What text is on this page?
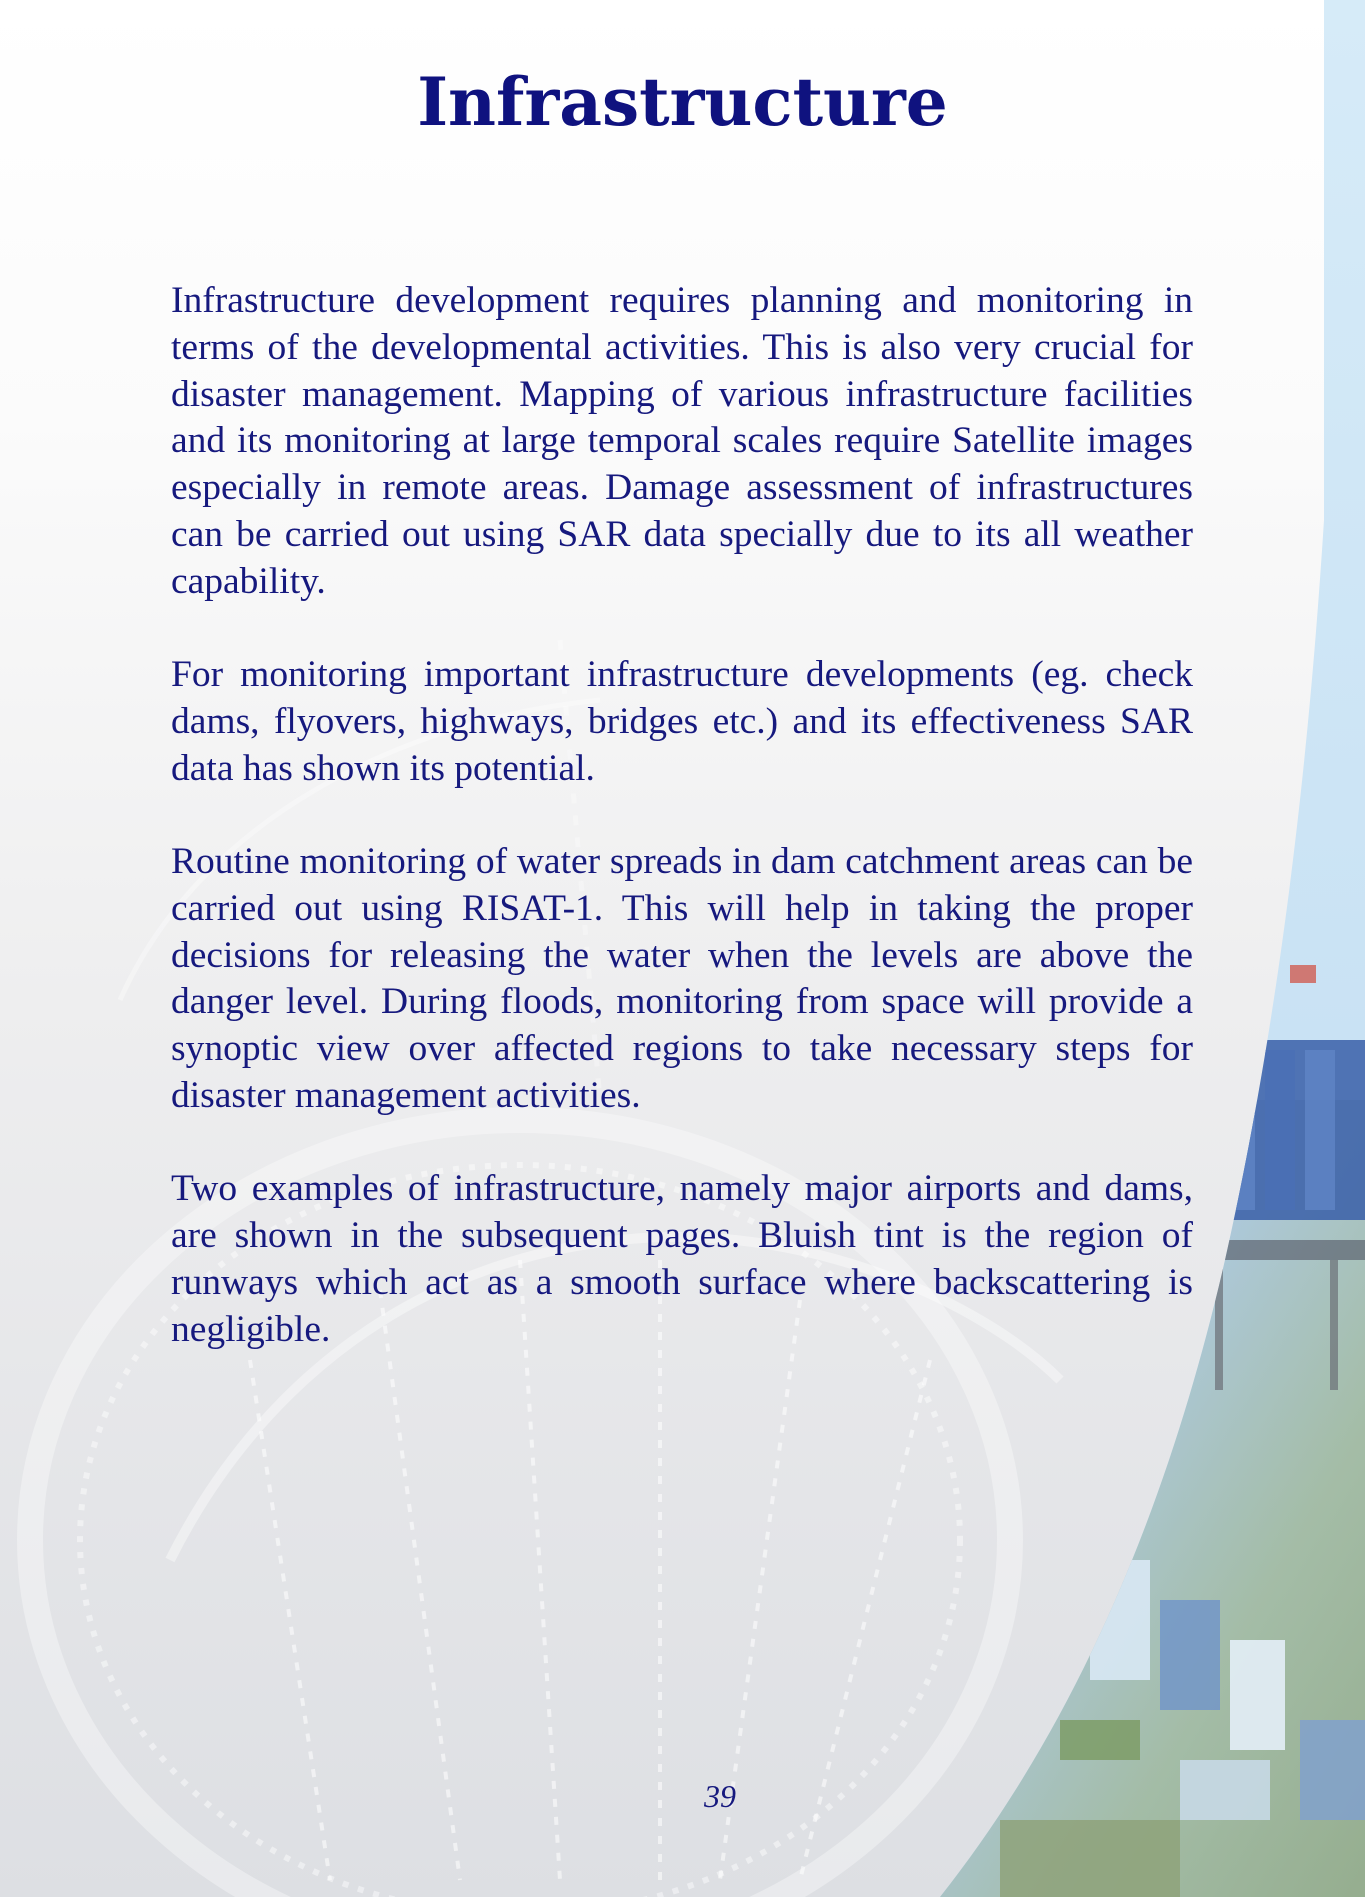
Infrastructure

Infrastructure development requires planning and monitoring in terms of the developmental activities. This is also very crucial for disaster management. Mapping of various infrastructure facilities and its monitoring at large temporal scales require Satellite images especially in remote areas. Damage assessment of infrastructures can be carried out using SAR data specially due to its all weather capability.

For monitoring important infrastructure developments (eg. check dams, flyovers, highways, bridges etc.) and its effectiveness SAR data has shown its potential.

Routine monitoring of water spreads in dam catchment areas can be carried out using RISAT-1. This will help in taking the proper decisions for releasing the water when the levels are above the danger level. During floods, monitoring from space will provide a synoptic view over affected regions to take necessary steps for disaster management activities.

Two examples of infrastructure, namely major airports and dams, are shown in the subsequent pages. Bluish tint is the region of runways which act as a smooth surface where backscattering is negligible.

39
